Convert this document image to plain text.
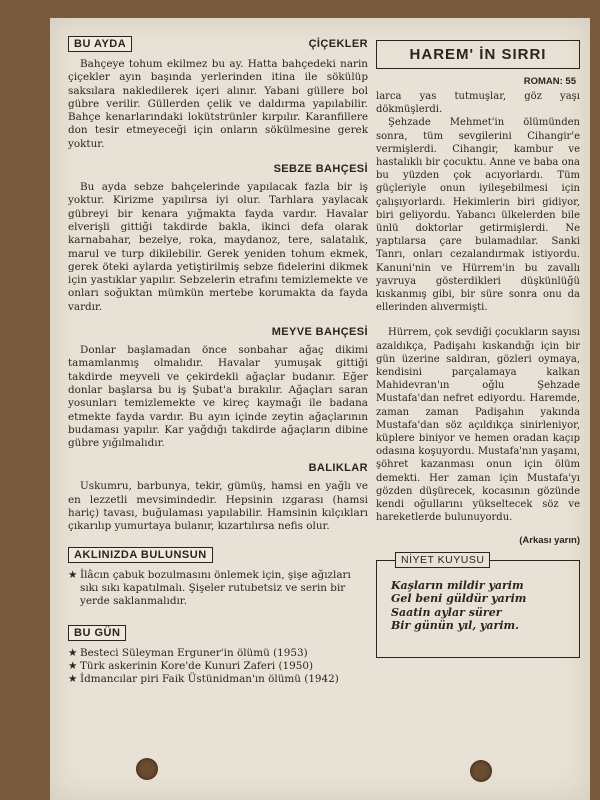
BU AYDA	ÇİÇEKLER

Bahçeye tohum ekilmez bu ay. Hatta bahçedeki narin çiçekler ayın başında yerlerinden itina ile sökülüp saksılara nakledilerek içeri alınır. Yabani güllere bol gübre verilir. Güllerden çelik ve daldırma yapılabilir. Bahçe kenarlarındaki lokütstrünler kırpılır. Karanfillere don tesir etmeyeceği için onların sökülmesine gerek yoktur.

SEBZE BAHÇESİ

Bu ayda sebze bahçelerinde yapılacak fazla bir iş yoktur. Kirizme yapılırsa iyi olur. Tarhlara yaylacak gübreyi bir kenara yığmakta fayda vardır. Havalar elverişli gittiği takdirde bakla, ikinci defa olarak karnabahar, bezelye, roka, maydanoz, tere, salatalık, marul ve turp dikilebilir. Gerek yeniden tohum ekmek, gerek öteki aylarda yetiştirilmiş sebze fidelerini dikmek için yastıklar yapılır. Sebzelerin etrafını temizlemekte ve onları soğuktan mümkün mertebe korumakta da fayda vardır.

MEYVE BAHÇESİ

Donlar başlamadan önce sonbahar ağaç dikimi tamamlanmış olmalıdır. Havalar yumuşak gittiği takdirde meyveli ve çekirdekli ağaçlar budanır. Eğer donlar başlarsa bu iş Şubat'a bırakılır. Ağaçları saran yosunları temizlemekte ve kireç kaymağı ile badana etmekte fayda vardır. Bu ayın içinde zeytin ağaçlarının budaması yapılır. Kar yağdığı takdirde ağaçların dibine gübre yığılmalıdır.

BALIKLAR

Uskumru, barbunya, tekir, gümüş, hamsi en yağlı ve en lezzetli mevsimindedir. Hepsinin ızgarası (hamsi hariç) tavası, buğulaması yapılabilir. Hamsinin kılçıkları çıkarılıp yumurtaya bulanır, kızartılırsa nefis olur.

AKLINIZDA BULUNSUN
★ İlâcın çabuk bozulmasını önlemek için, şişe ağızları sıkı sıkı kapatılmalı. Şişeler rutubetsiz ve serin bir yerde saklanmalıdır.
BU GÜN
★ Besteci Süleyman Erguner'in ölümü (1953)
★ Türk askerinin Kore'de Kunuri Zaferi (1950)
★ İdmancılar piri Faik Üstünidman'ın ölümü (1942)
HAREM' İN SIRRI
ROMAN: 55

larca yas tutmuşlar, göz yaşı dökmüşlerdi.

Şehzade Mehmet'in ölümünden sonra, tüm sevgilerini Cihangir'e vermişlerdi. Cihangir, kambur ve hastalıklı bir çocuktu. Anne ve baba ona bu yüzden çok acıyorlardı. Tüm güçleriyle onun iyileşebilmesi için çalışıyorlardı. Hekimlerin biri gidiyor, biri geliyordu. Yabancı ülkelerden bile ünlü doktorlar getirmişlerdi. Ne yaptılarsa çare bulamadılar. Sanki Tanrı, onları cezalandırmak istiyordu. Kanuni'nin ve Hürrem'in bu zavallı yavruya gösterdikleri düşkünlüğü kıskanmış gibi, bir süre sonra onu da ellerinden alıvermişti.

Hürrem, çok sevdiği çocukların sayısı azaldıkça, Padişahı kıskandığı için bir gün üzerine saldıran, gözleri oymaya, kendisini parçalamaya kalkan Mahidevran'ın oğlu Şehzade Mustafa'dan nefret ediyordu. Haremde, zaman zaman Padişahın yakında Mustafa'dan söz açıldıkça sinirleniyor, küplere biniyor ve hemen oradan kaçıp odasına koşuyordu. Mustafa'nın yaşamı, şöhret kazanması onun için ölüm demekti. Her zaman için Mustafa'yı gözden düşürecek, kocasının gözünde kendi oğullarını yükseltecek söz ve hareketlerde bulunuyordu.

(Arkası yarın)
NİYET KUYUSU
Kaşların mildir yarim
Gel beni güldür yarim
Saatin aylar sürer
Bir günün yıl, yarim.
